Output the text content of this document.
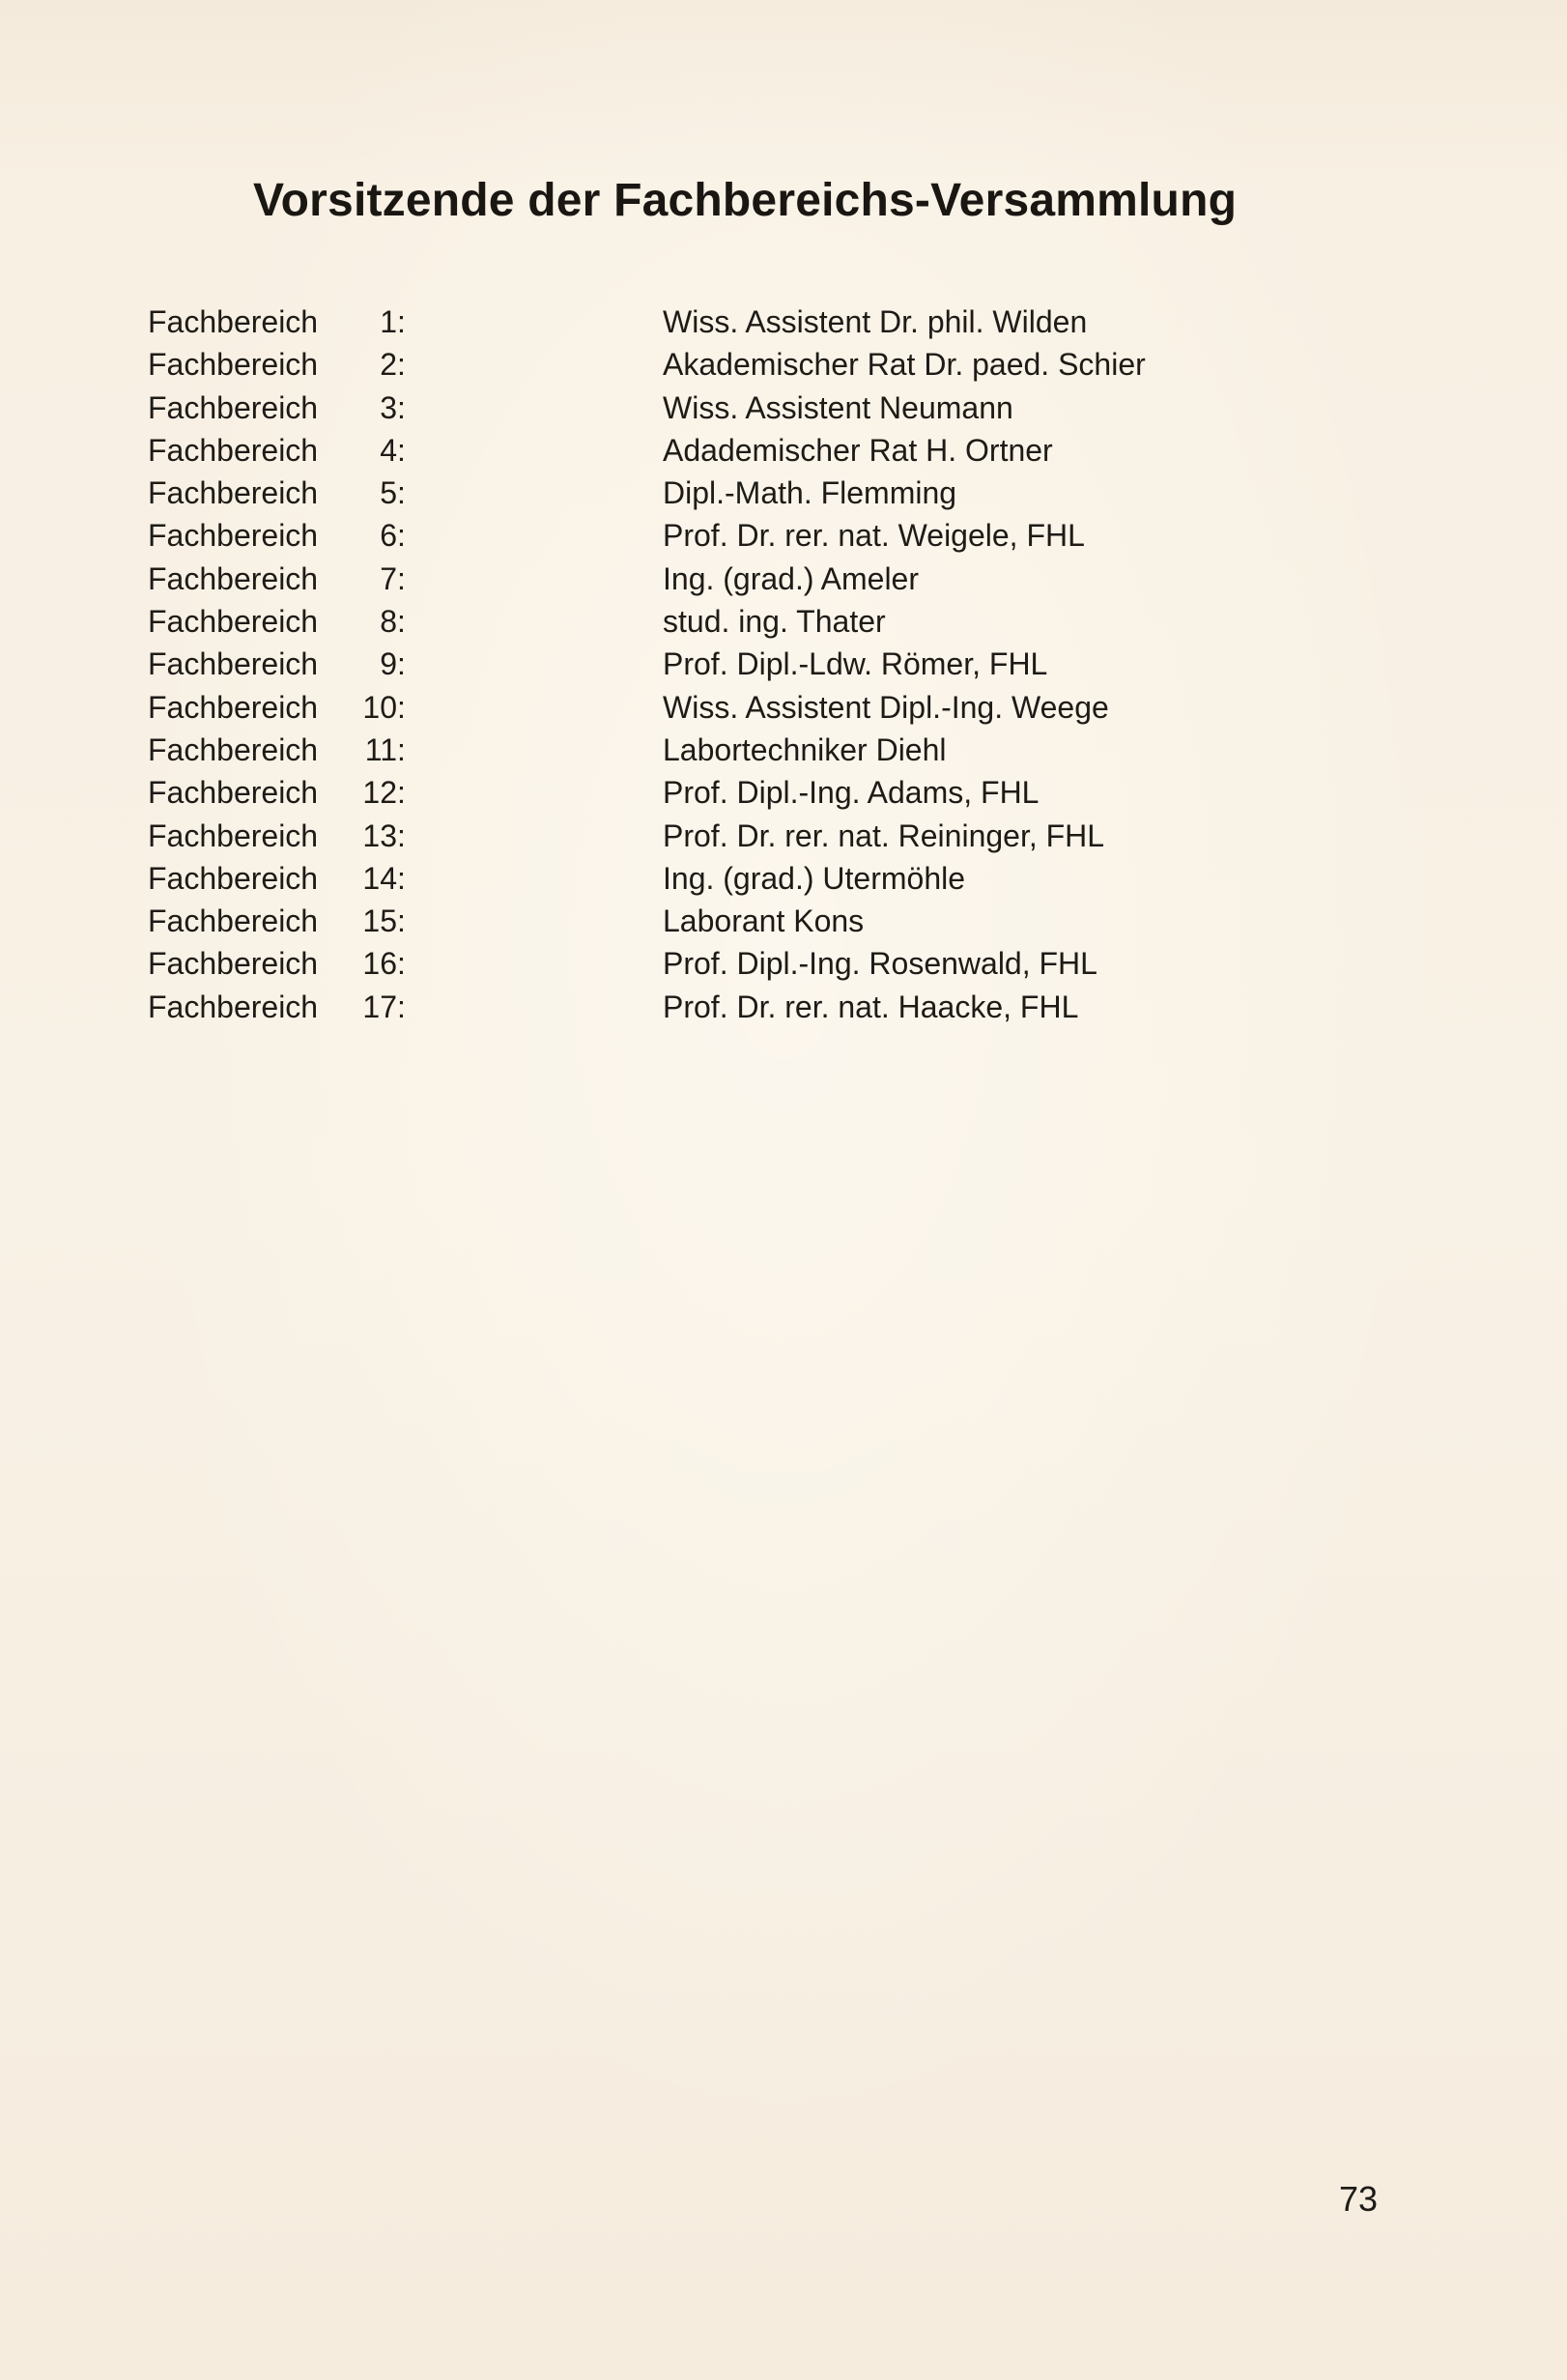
Vorsitzende der Fachbereichs-Versammlung
Fachbereich	1 :	Wiss. Assistent Dr. phil. Wilden
Fachbereich	2 :	Akademischer Rat Dr. paed. Schier
Fachbereich	3 :	Wiss. Assistent Neumann
Fachbereich	4 :	Adademischer Rat H. Ortner
Fachbereich	5 :	Dipl.-Math. Flemming
Fachbereich	6 :	Prof. Dr. rer. nat. Weigele, FHL
Fachbereich	7 :	Ing. (grad.) Ameler
Fachbereich	8 :	stud. ing. Thater
Fachbereich	9 :	Prof. Dipl.-Ldw. Römer, FHL
Fachbereich	10 :	Wiss. Assistent Dipl.-Ing. Weege
Fachbereich	11 :	Labortechniker Diehl
Fachbereich	12 :	Prof. Dipl.-Ing. Adams, FHL
Fachbereich	13 :	Prof. Dr. rer. nat. Reininger, FHL
Fachbereich	14 :	Ing. (grad.) Utermöhle
Fachbereich	15 :	Laborant Kons
Fachbereich	16 :	Prof. Dipl.-Ing. Rosenwald, FHL
Fachbereich	17 :	Prof. Dr. rer. nat. Haacke, FHL

73
